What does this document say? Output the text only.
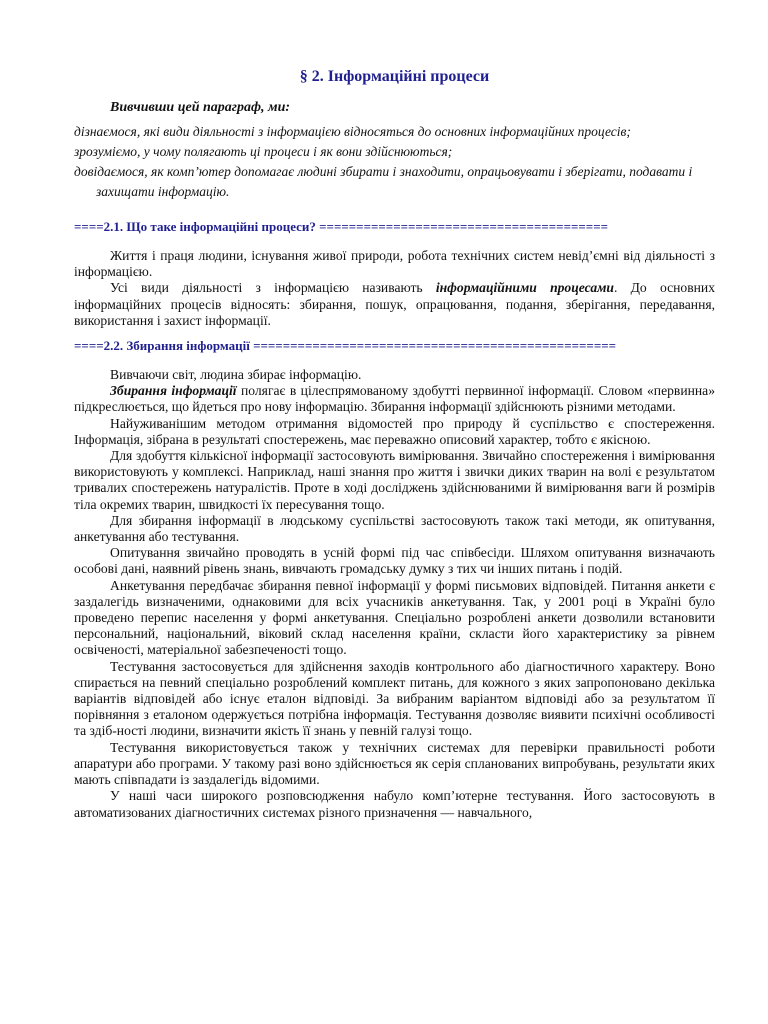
§ 2. Інформаційні процеси
Вивчивши цей параграф, ми:
дізнаємося, які види діяльності з інформацією відносяться до основних інформаційних процесів;
зрозуміємо, у чому полягають ці процеси і як вони здійснюються;
довідаємося, як комп’ютер допомагає людині збирати і знаходити, опрацьовувати і зберігати, подавати і захищати інформацію.
====2.1. Що таке інформаційні процеси? =======================================

Життя і праця людини, існування живої природи, робота технічних систем невід’ємні від діяльності з інформацією.

Усі види діяльності з інформацією називають інформаційними процесами. До основних інформаційних процесів відносять: збирання, пошук, опрацювання, подання, зберігання, передавання, використання і захист інформації.

====2.2. Збирання інформації =================================================

Вивчаючи світ, людина збирає інформацію.

Збирання інформації полягає в цілеспрямованому здобутті первинної інформації. Словом «первинна» підкреслюється, що йдеться про нову інформацію. Збирання інформації здійснюють різними методами.

Найуживанішим методом отримання відомостей про природу й суспільство є спостереження. Інформація, зібрана в результаті спостережень, має переважно описовий характер, тобто є якісною.

Для здобуття кількісної інформації застосовують вимірювання. Звичайно спостереження і вимірювання використовують у комплексі. Наприклад, наші знання про життя і звички диких тварин на волі є результатом тривалих спостережень натуралістів. Проте в ході досліджень здійснюваними й вимірювання ваги й розмірів тіла окремих тварин, швидкості їх пересування тощо.

Для збирання інформації в людському суспільстві застосовують також такі методи, як опитування, анкетування або тестування.

Опитування звичайно проводять в усній формі під час співбесіди. Шляхом опитування визначають особові дані, наявний рівень знань, вивчають громадську думку з тих чи інших питань і подій.

Анкетування передбачає збирання певної інформації у формі письмових відповідей. Питання анкети є заздалегідь визначеними, однаковими для всіх учасників анкетування. Так, у 2001 році в Україні було проведено перепис населення у формі анкетування. Спеціально розроблені анкети дозволили встановити персональний, національний, віковий склад населення країни, скласти його характеристику за рівнем освіченості, матеріальної забезпеченості тощо.

Тестування застосовується для здійснення заходів контрольного або діагностичного характеру. Воно спирається на певний спеціально розроблений комплект питань, для кожного з яких запропоновано декілька варіантів відповідей або існує еталон відповіді. За вибраним варіантом відповіді або за результатом її порівняння з еталоном одержується потрібна інформація. Тестування дозволяє виявити психічні особливості та здіб-ності людини, визначити якість її знань у певній галузі тощо.

Тестування використовується також у технічних системах для перевірки правильності роботи апаратури або програми. У такому разі воно здійснюється як серія спланованих випробувань, результати яких мають співпадати із заздалегідь відомими.

У наші часи широкого розповсюдження набуло комп’ютерне тестування. Його застосовують в автоматизованих діагностичних системах різного призначення — навчального,
